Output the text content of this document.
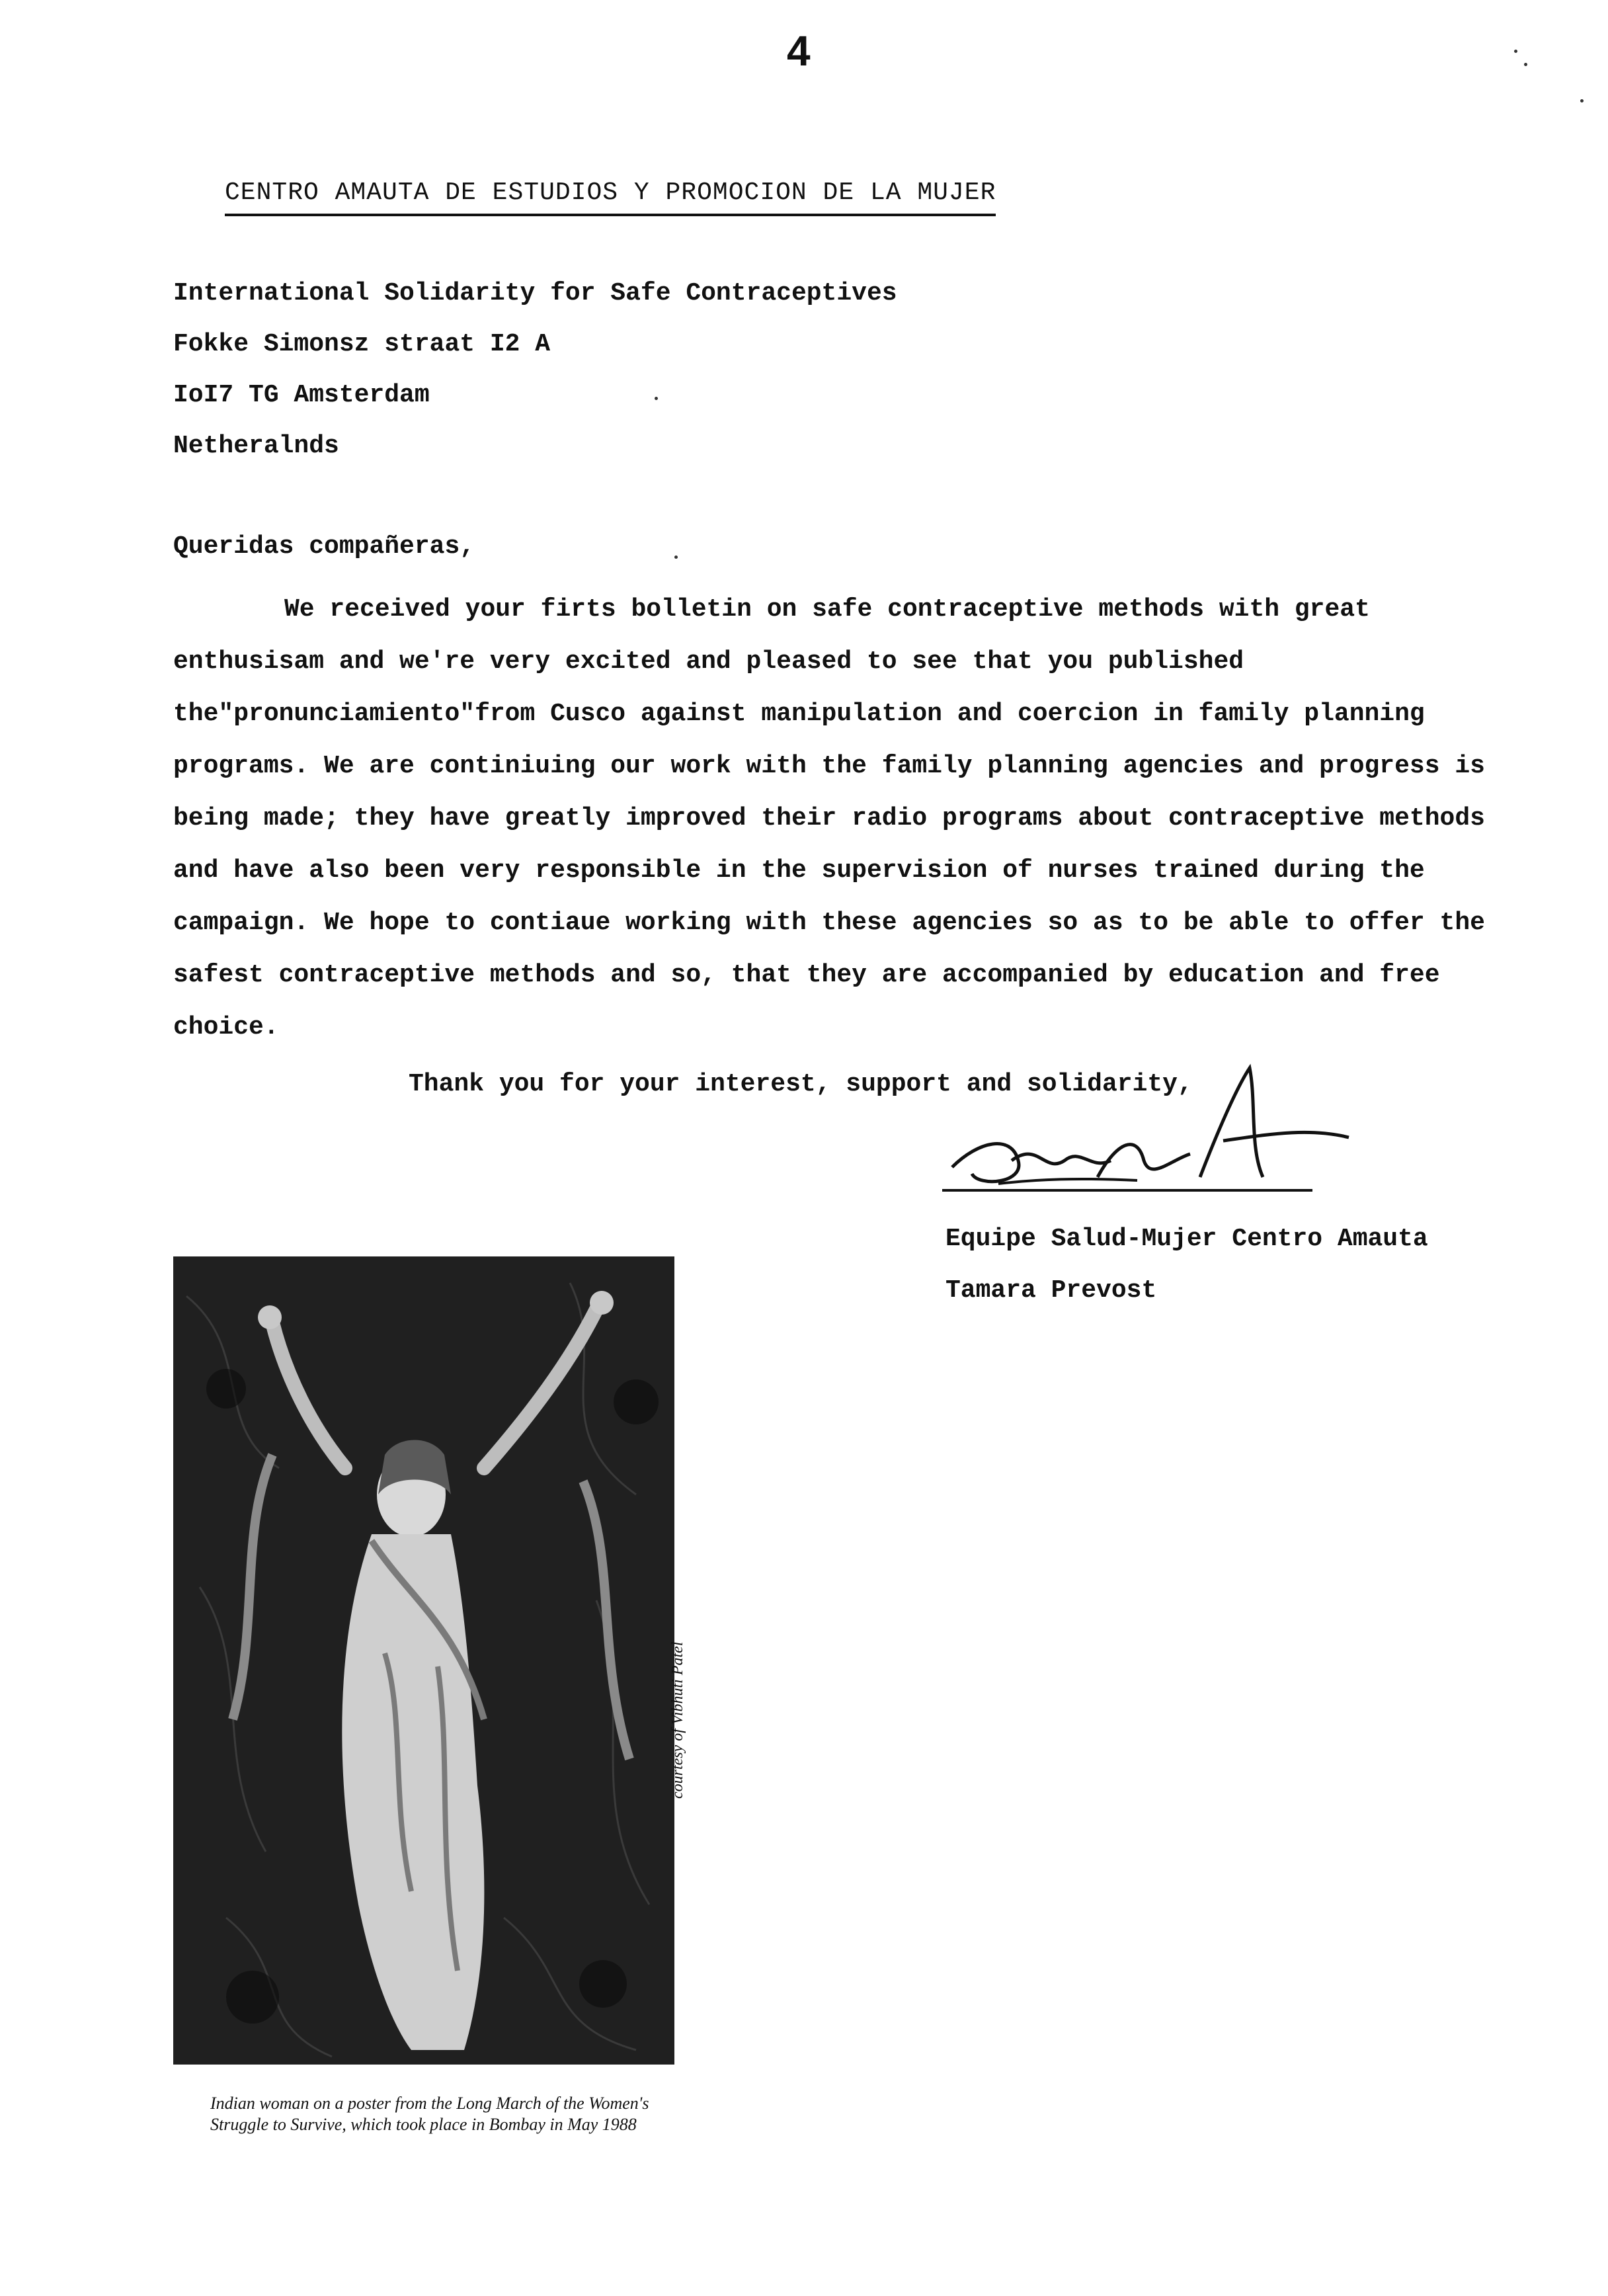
4
CENTRO AMAUTA DE ESTUDIOS Y PROMOCION DE LA MUJER
International Solidarity for Safe Contraceptives
Fokke Simonsz straat I2 A
IoI7 TG Amsterdam
Netheralnds
Queridas compañeras,

We received your firts bolletin on safe contraceptive methods with great enthusisam and we're very excited and pleased to see that you published the"pronunciamiento"from Cusco against manipulation and coercion in family planning programs. We are continiuing our work with the family planning agencies and progress is being made; they have greatly improved their radio programs about contraceptive methods and have also been very responsible in the supervision of nurses trained during the campaign. We hope to contiaue working with these agencies so as to be able to offer the safest contraceptive methods and so, that they are accompanied by education and free choice.

Thank you for your interest, support and solidarity,
Equipe Salud-Mujer Centro Amauta
Tamara Prevost
courtesy of Vibhuti Patel
Indian woman on a poster from the Long March of the Women's Struggle to Survive, which took place in Bombay in May 1988
